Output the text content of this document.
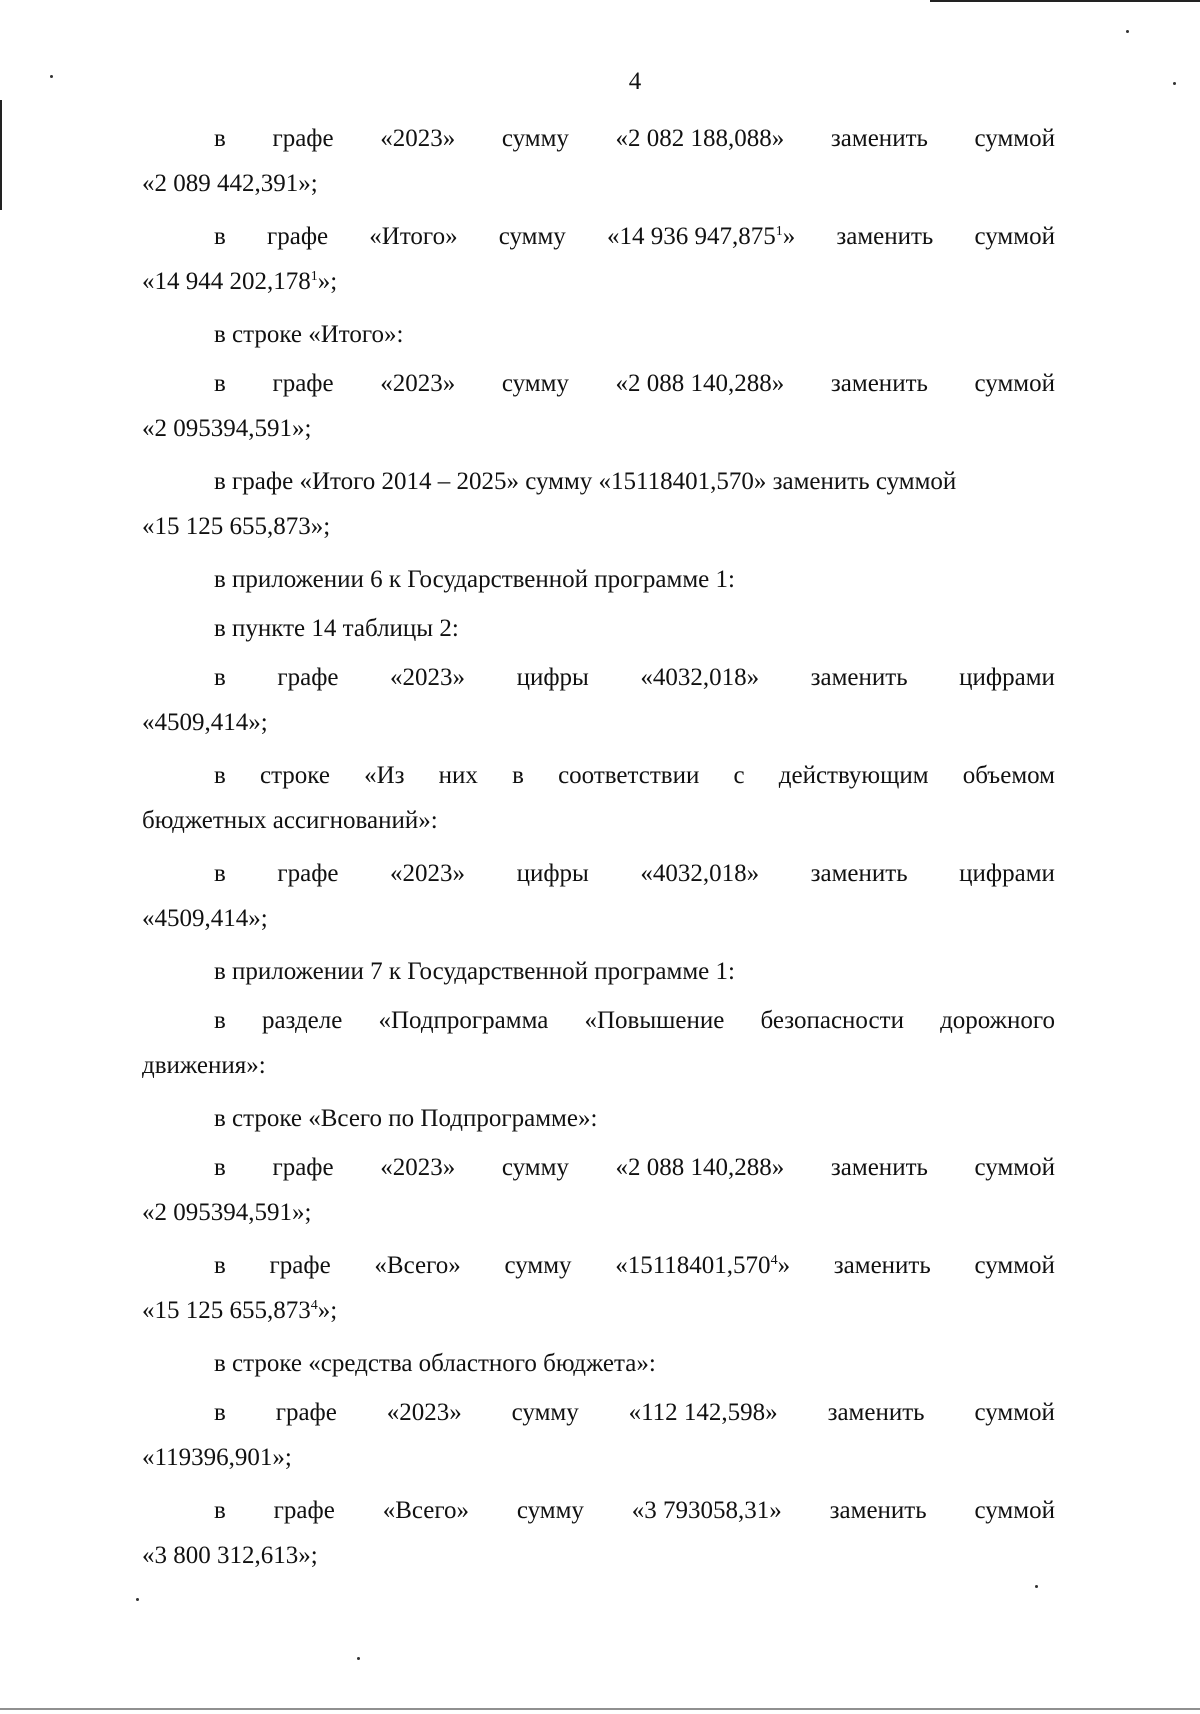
4
в графе «2023» сумму «2 082 188,088» заменить суммой
«2 089 442,391»;
в графе «Итого» сумму «14 936 947,875$^1$» заменить суммой
«14 944 202,178$^1$»;
в строке «Итого»:
в графе «2023» сумму «2 088 140,288» заменить суммой
«2 095394,591»;
в графе «Итого 2014 – 2025» сумму «15118401,570» заменить суммой
«15 125 655,873»;
в приложении 6 к Государственной программе 1:
в пункте 14 таблицы 2:
в графе «2023» цифры «4032,018» заменить цифрами
«4509,414»;
в строке «Из них в соответствии с действующим объемом
бюджетных ассигнований»:
в графе «2023» цифры «4032,018» заменить цифрами
«4509,414»;
в приложении 7 к Государственной программе 1:
в разделе «Подпрограмма «Повышение безопасности дорожного
движения»:
в строке «Всего по Подпрограмме»:
в графе «2023» сумму «2 088 140,288» заменить суммой
«2 095394,591»;
в графе «Всего» сумму «15118401,570$^4$» заменить суммой
«15 125 655,873$^4$»;
в строке «средства областного бюджета»:
в графе «2023» сумму «112 142,598» заменить суммой
«119396,901»;
в графе «Всего» сумму «3 793058,31» заменить суммой
«3 800 312,613»;
